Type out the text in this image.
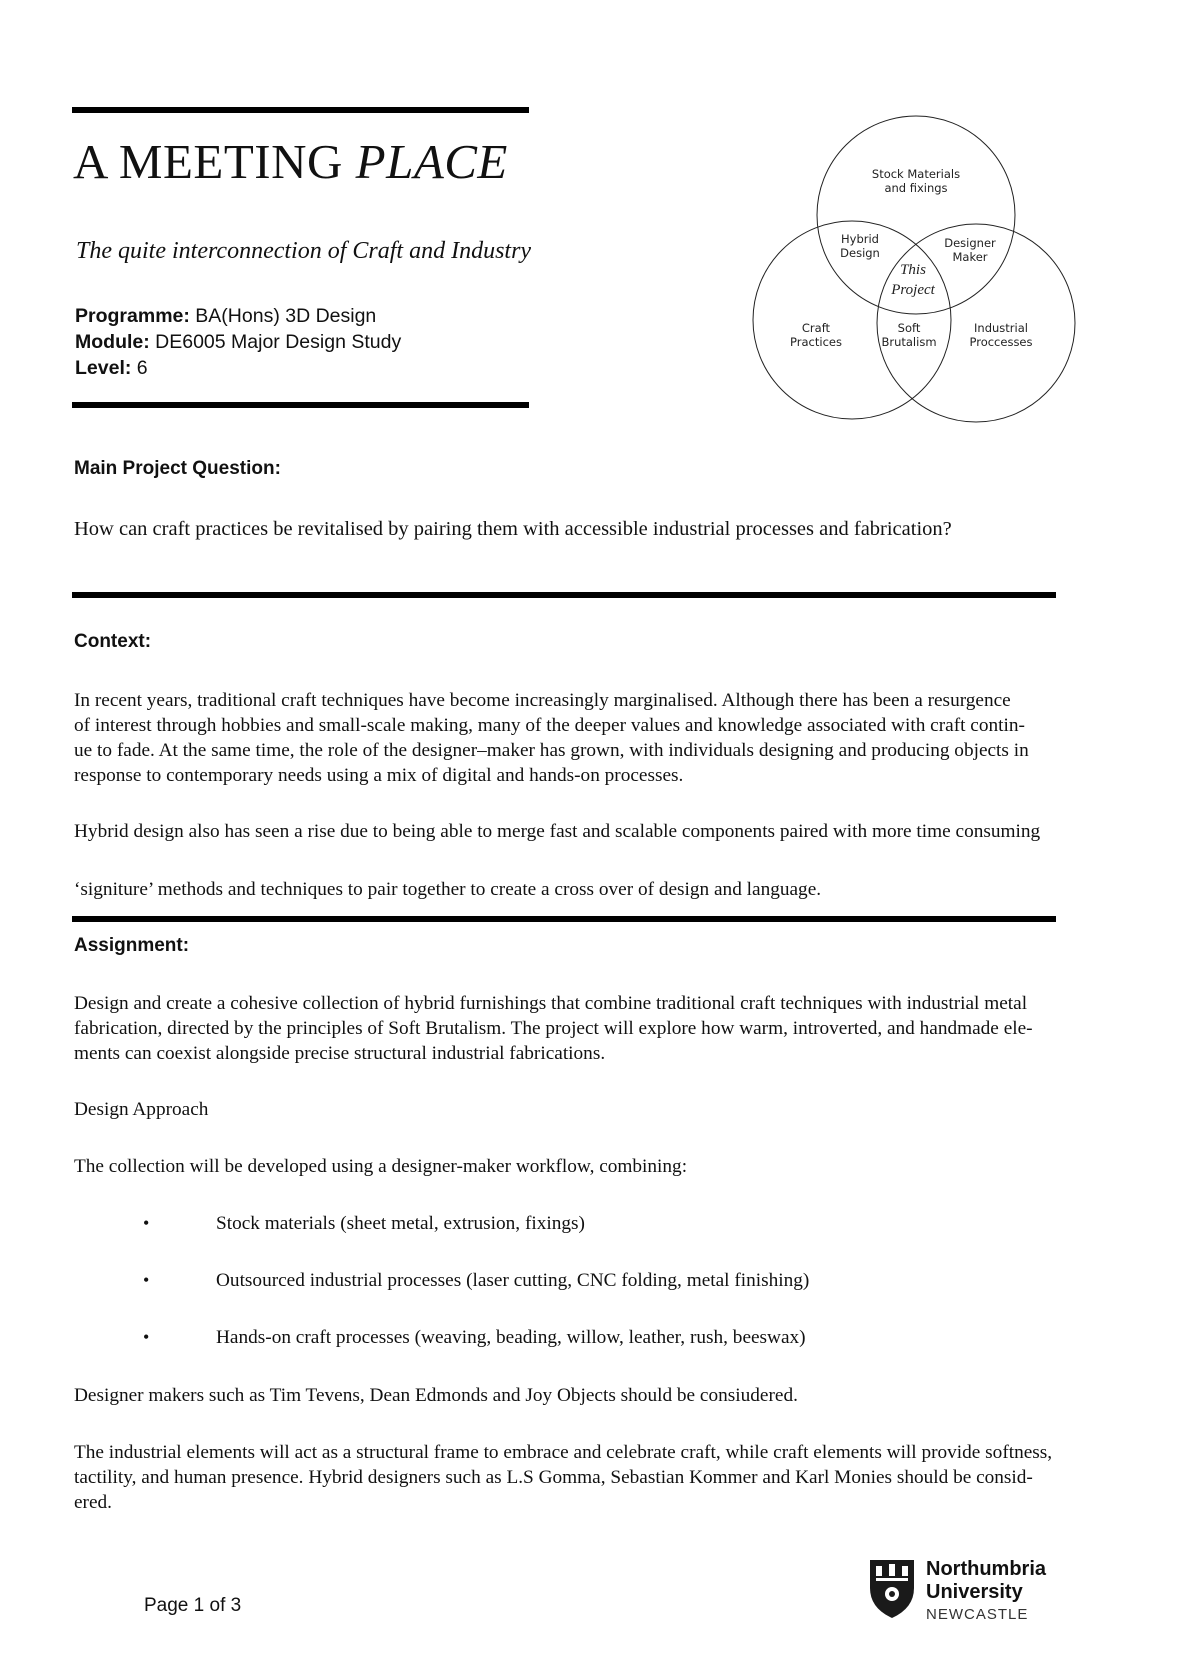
A MEETING PLACE
The quite interconnection of Craft and Industry
Programme: BA(Hons) 3D Design
Module: DE6005 Major Design Study
Level: 6
Stock Materials
and fixings
Hybrid
Design
Designer
Maker
This
Project
Craft
Practices
Soft
Brutalism
Industrial
Proccesses
Main Project Question:
How can craft practices be revitalised by pairing them with accessible industrial processes and fabrication?
Context:
In recent years, traditional craft techniques have become increasingly marginalised. Although there has been a resurgence
of interest through hobbies and small-scale making, many of the deeper values and knowledge associated with craft contin-
ue to fade. At the same time, the role of the designer–maker has grown, with individuals designing and producing objects in
response to contemporary needs using a mix of digital and hands-on processes.
Hybrid design also has seen a rise due to being able to merge fast and scalable components paired with more time consuming
‘signiture’ methods and techniques to pair together to create a cross over of design and language.
Assignment:
Design and create a cohesive collection of hybrid furnishings that combine traditional craft techniques with industrial metal
fabrication, directed by the principles of Soft Brutalism. The project will explore how warm, introverted, and handmade ele-
ments can coexist alongside precise structural industrial fabrications.
Design Approach
The collection will be developed using a designer-maker workflow, combining:
•	Stock materials (sheet metal, extrusion, fixings)
•	Outsourced industrial processes (laser cutting, CNC folding, metal finishing)
•	Hands-on craft processes (weaving, beading, willow, leather, rush, beeswax)
Designer makers such as Tim Tevens, Dean Edmonds and Joy Objects should be consiudered.
The industrial elements will act as a structural frame to embrace and celebrate craft, while craft elements will provide softness,
tactility, and human presence. Hybrid designers such as L.S Gomma, Sebastian Kommer and Karl Monies should be consid-
ered.
Page 1 of 3
Northumbria
University
NEWCASTLE
